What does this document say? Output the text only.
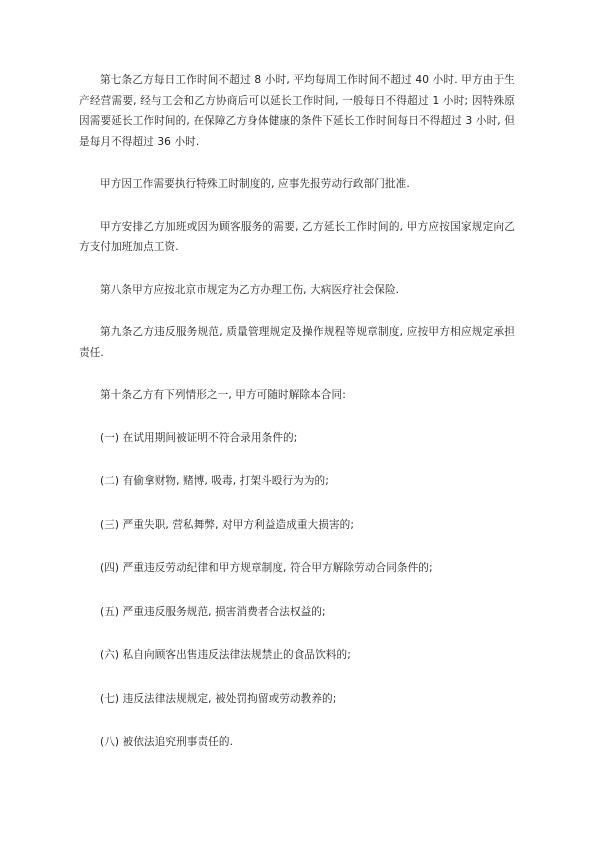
第七条乙方每日工作时间不超过 8 小时, 平均每周工作时间不超过 40 小时. 甲方由于生产经营需要, 经与工会和乙方协商后可以延长工作时间, 一般每日不得超过 1 小时; 因特殊原因需要延长工作时间的, 在保障乙方身体健康的条件下延长工作时间每日不得超过 3 小时, 但是每月不得超过 36 小时.

甲方因工作需要执行特殊工时制度的, 应事先报劳动行政部门批准.

甲方安排乙方加班或因为顾客服务的需要, 乙方延长工作时间的, 甲方应按国家规定向乙方支付加班加点工资.

第八条甲方应按北京市规定为乙方办理工伤, 大病医疗社会保险.

第九条乙方违反服务规范, 质量管理规定及操作规程等规章制度, 应按甲方相应规定承担责任.

第十条乙方有下列情形之一, 甲方可随时解除本合同:

(一) 在试用期间被证明不符合录用条件的;

(二) 有偷拿财物, 赌博, 吸毒, 打架斗殴行为为的;

(三) 严重失职, 营私舞弊, 对甲方利益造成重大损害的;

(四) 严重违反劳动纪律和甲方规章制度, 符合甲方解除劳动合同条件的;

(五) 严重违反服务规范, 损害消费者合法权益的;

(六) 私自向顾客出售违反法律法规禁止的食品饮料的;

(七) 违反法律法规规定, 被处罚拘留或劳动教养的;

(八) 被依法追究刑事责任的.
